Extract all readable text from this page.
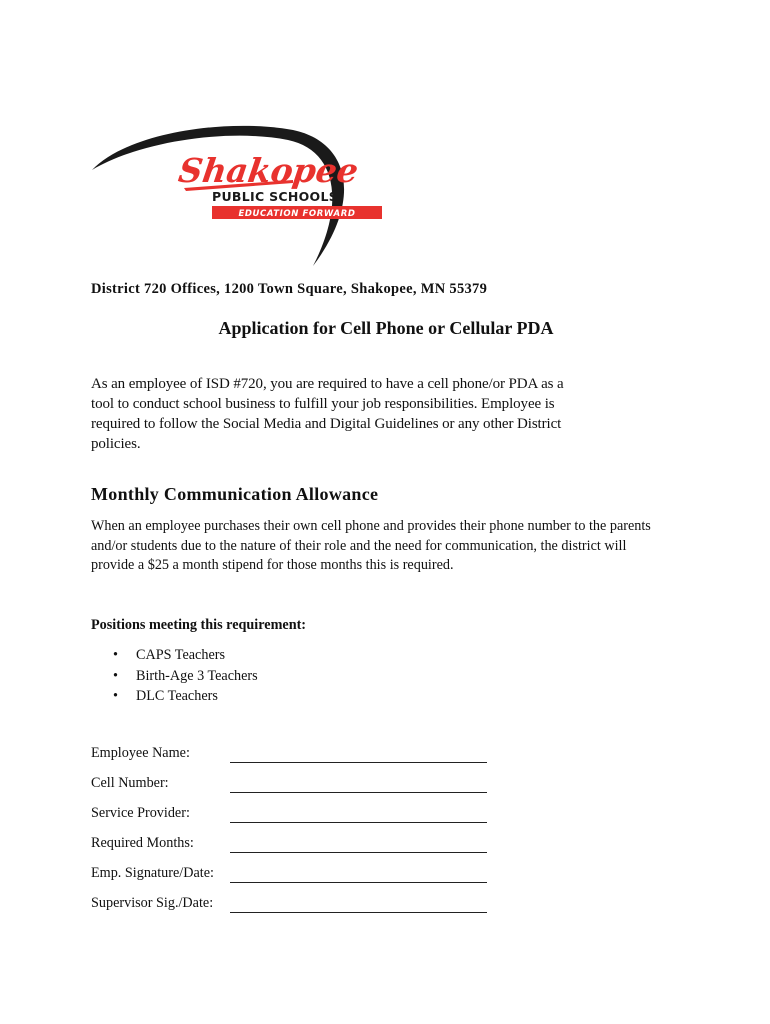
Shakopee
PUBLIC SCHOOLS
EDUCATION FORWARD
District 720 Offices, 1200 Town Square, Shakopee, MN 55379
Application for Cell Phone or Cellular PDA

As an employee of ISD #720, you are required to have a cell phone/or PDA as a tool to conduct school business to fulfill your job responsibilities. Employee is required to follow the Social Media and Digital Guidelines or any other District policies.

Monthly Communication Allowance

When an employee purchases their own cell phone and provides their phone number to the parents and/or students due to the nature of their role and the need for communication, the district will provide a $25 a month stipend for those months this is required.

Positions meeting this requirement:

• CAPS Teachers
• Birth-Age 3 Teachers
• DLC Teachers
Employee Name:
Cell Number:
Service Provider:
Required Months:
Emp. Signature/Date:
Supervisor Sig./Date:
